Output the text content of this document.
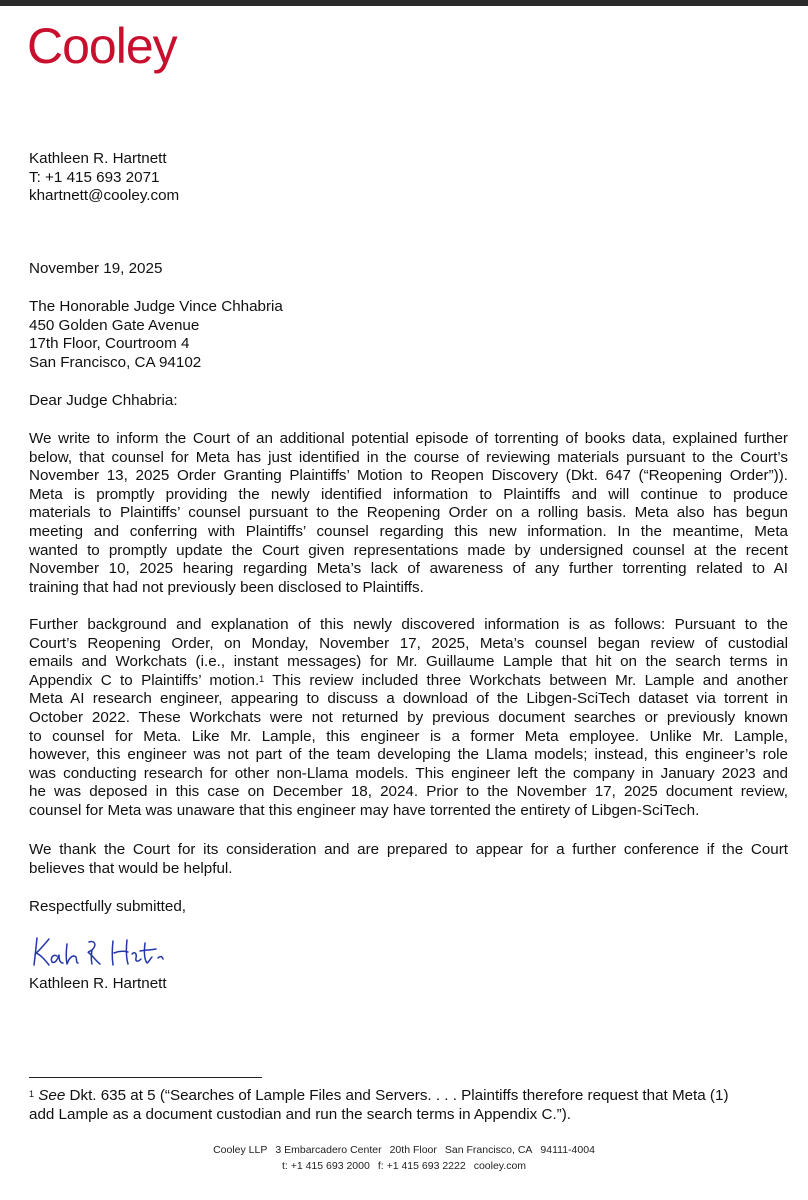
Cooley
Kathleen R. Hartnett
T: +1 415 693 2071
khartnett@cooley.com
November 19, 2025
The Honorable Judge Vince Chhabria
450 Golden Gate Avenue
17th Floor, Courtroom 4
San Francisco, CA 94102
Dear Judge Chhabria:
We write to inform the Court of an additional potential episode of torrenting of books data, explained further
below, that counsel for Meta has just identified in the course of reviewing materials pursuant to the Court’s
November 13, 2025 Order Granting Plaintiffs’ Motion to Reopen Discovery (Dkt. 647 (“Reopening Order”)).
Meta is promptly providing the newly identified information to Plaintiffs and will continue to produce
materials to Plaintiffs’ counsel pursuant to the Reopening Order on a rolling basis. Meta also has begun
meeting and conferring with Plaintiffs’ counsel regarding this new information. In the meantime, Meta
wanted to promptly update the Court given representations made by undersigned counsel at the recent
November 10, 2025 hearing regarding Meta’s lack of awareness of any further torrenting related to AI
training that had not previously been disclosed to Plaintiffs.
Further background and explanation of this newly discovered information is as follows: Pursuant to the
Court’s Reopening Order, on Monday, November 17, 2025, Meta’s counsel began review of custodial
emails and Workchats (i.e., instant messages) for Mr. Guillaume Lample that hit on the search terms in
Appendix C to Plaintiffs’ motion.$^1$ This review included three Workchats between Mr. Lample and another
Meta AI research engineer, appearing to discuss a download of the Libgen-SciTech dataset via torrent in
October 2022. These Workchats were not returned by previous document searches or previously known
to counsel for Meta. Like Mr. Lample, this engineer is a former Meta employee. Unlike Mr. Lample,
however, this engineer was not part of the team developing the Llama models; instead, this engineer’s role
was conducting research for other non-Llama models. This engineer left the company in January 2023 and
he was deposed in this case on December 18, 2024. Prior to the November 17, 2025 document review,
counsel for Meta was unaware that this engineer may have torrented the entirety of Libgen-SciTech.
We thank the Court for its consideration and are prepared to appear for a further conference if the Court
believes that would be helpful.
Respectfully submitted,
Kathleen R. Hartnett
$^1$ See Dkt. 635 at 5 (“Searches of Lample Files and Servers. . . . Plaintiffs therefore request that Meta (1)
add Lample as a document custodian and run the search terms in Appendix C.”).
Cooley LLP 3 Embarcadero Center 20th Floor San Francisco, CA 94111-4004
t: +1 415 693 2000 f: +1 415 693 2222 cooley.com
